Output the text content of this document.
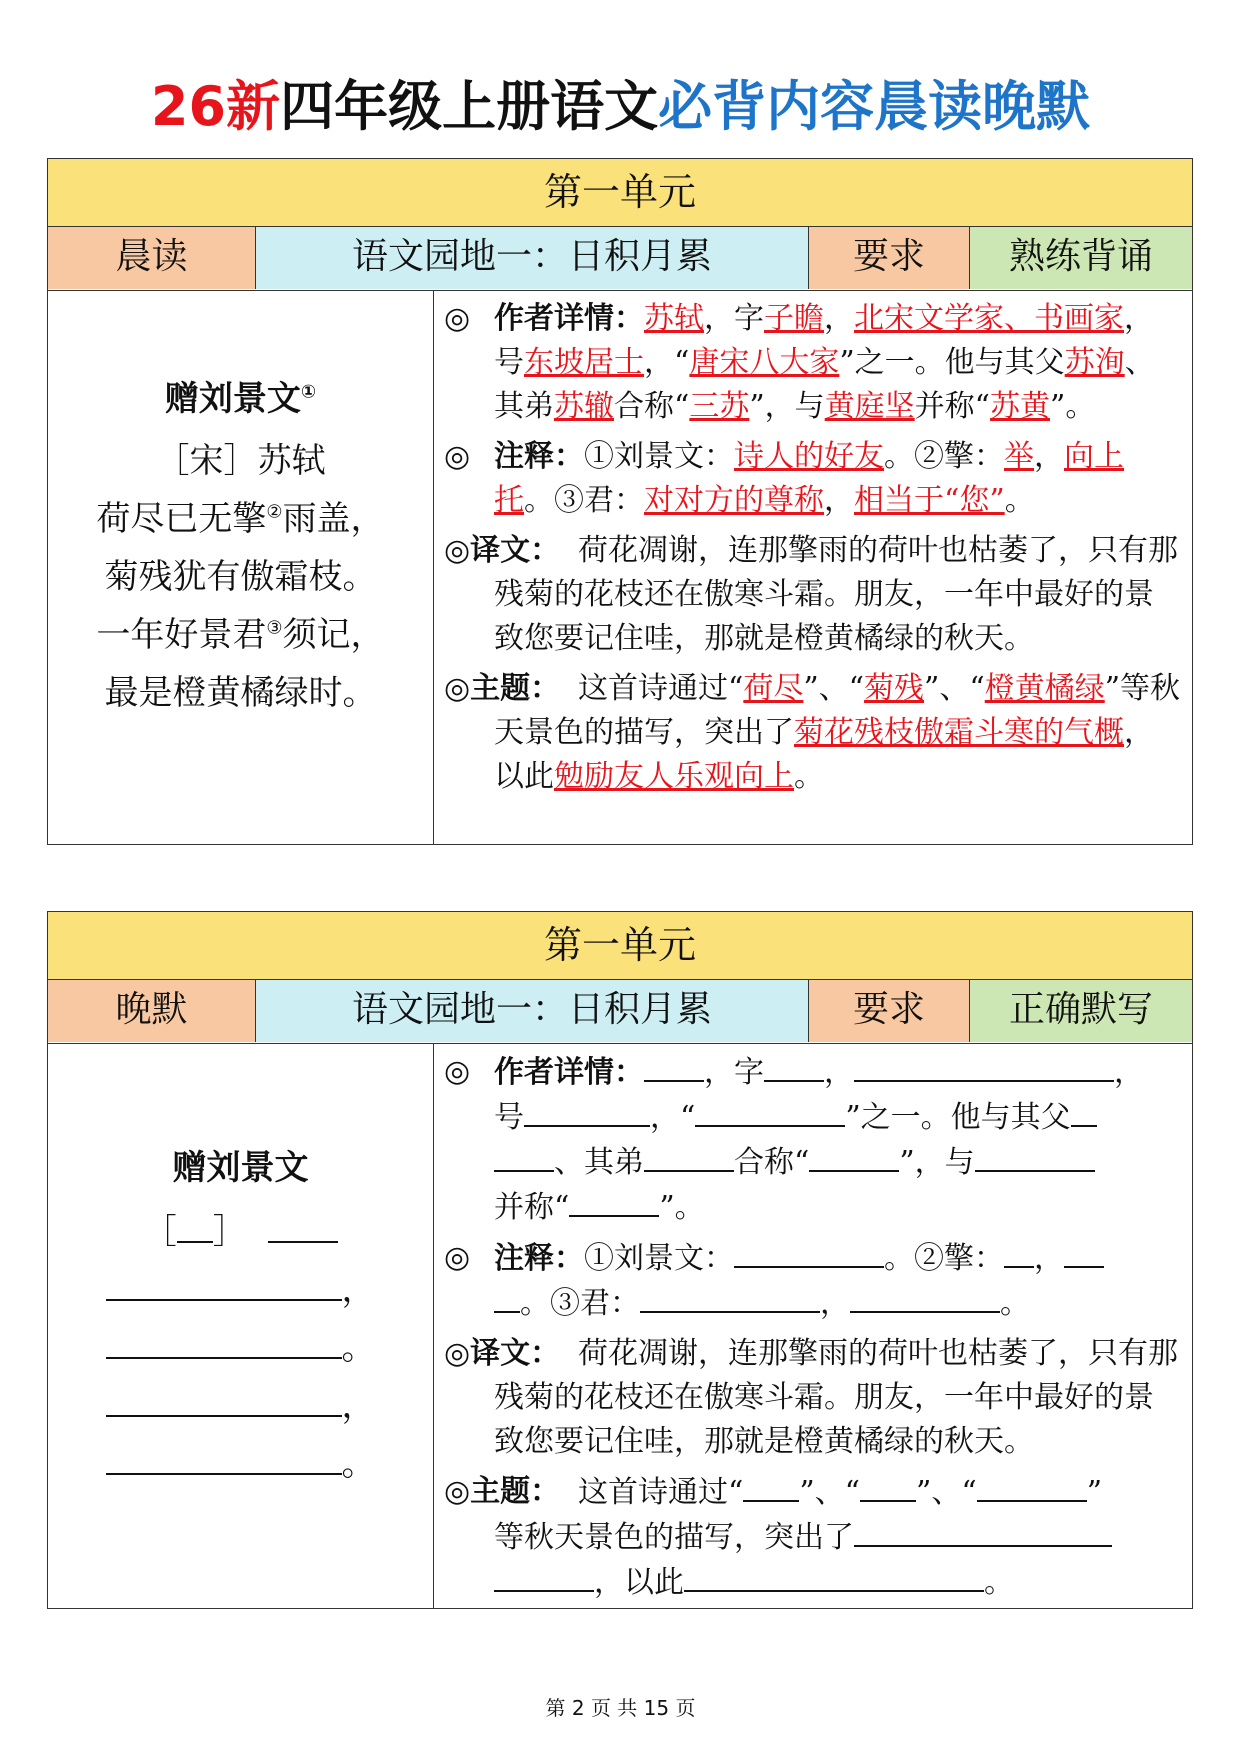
26新四年级上册语文必背内容晨读晚默
第一单元
晨读	语文园地一：日积月累	要求	熟练背诵
赠刘景文①
［宋］苏轼
荷尽已无擎②雨盖，
菊残犹有傲霜枝。
一年好景君③须记，
最是橙黄橘绿时。
◎ 作者详情：苏轼，字子瞻，北宋文学家、书画家，号东坡居士，“唐宋八大家”之一。他与其父苏洵、其弟苏辙合称“三苏”，与黄庭坚并称“苏黄”。
◎ 注释：①刘景文：诗人的好友。②擎：举，向上托。③君：对对方的尊称，相当于“您”。
◎译文： 荷花凋谢，连那擎雨的荷叶也枯萎了，只有那残菊的花枝还在傲寒斗霜。朋友，一年中最好的景致您要记住哇，那就是橙黄橘绿的秋天。
◎主题： 这首诗通过“荷尽”、“菊残”、“橙黄橘绿”等秋天景色的描写，突出了菊花残枝傲霜斗寒的气概，以此勉励友人乐观向上。
第一单元
晚默	语文园地一：日积月累	要求	正确默写
赠刘景文
［ ］
，
。
，
。
◎ 作者详情： ，字 ，	，
号	，“	”之一。他与其父
、其弟	合称“	”，与
并称“	”。
◎ 注释：①刘景文：	。②擎： ，
。③君：	，	。
◎译文： 荷花凋谢，连那擎雨的荷叶也枯萎了，只有那残菊的花枝还在傲寒斗霜。朋友，一年中最好的景致您要记住哇，那就是橙黄橘绿的秋天。
◎主题： 这首诗通过“ ”、“ ”、“	”
等秋天景色的描写，突出了
，以此	。
第 2 页 共 15 页
